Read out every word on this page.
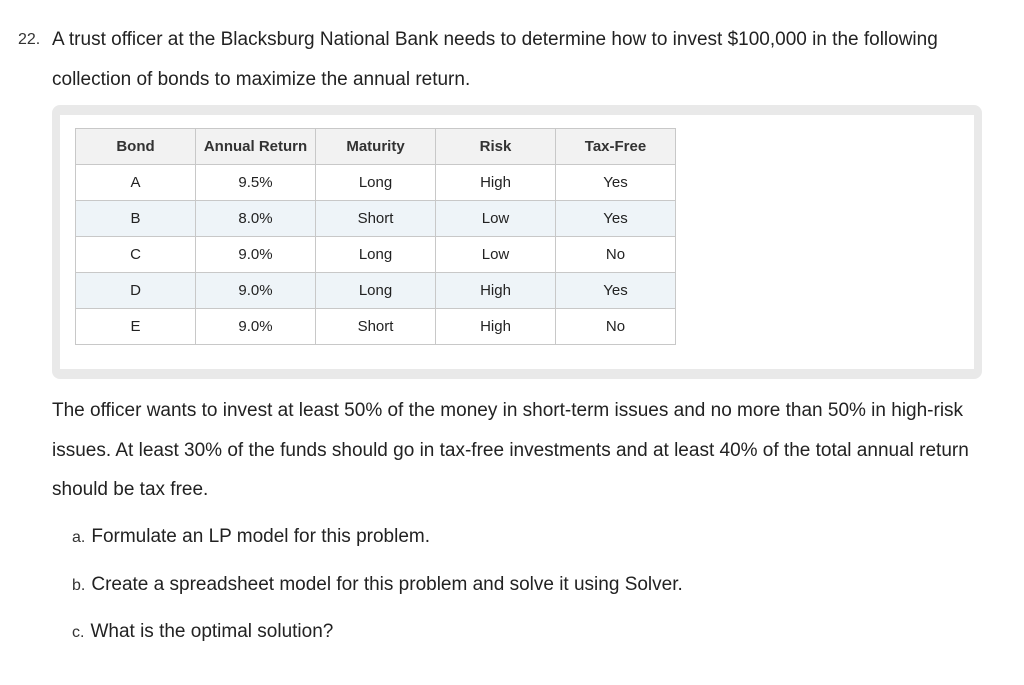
22. A trust officer at the Blacksburg National Bank needs to determine how to invest $100,000 in the following collection of bonds to maximize the annual return.
Bond	Annual Return	Maturity	Risk	Tax-Free
A	9.5%	Long	High	Yes
B	8.0%	Short	Low	Yes
C	9.0%	Long	Low	No
D	9.0%	Long	High	Yes
E	9.0%	Short	High	No
The officer wants to invest at least 50% of the money in short-term issues and no more than 50% in high-risk issues. At least 30% of the funds should go in tax-free investments and at least 40% of the total annual return should be tax free.
a. Formulate an LP model for this problem.
b. Create a spreadsheet model for this problem and solve it using Solver.
c. What is the optimal solution?
